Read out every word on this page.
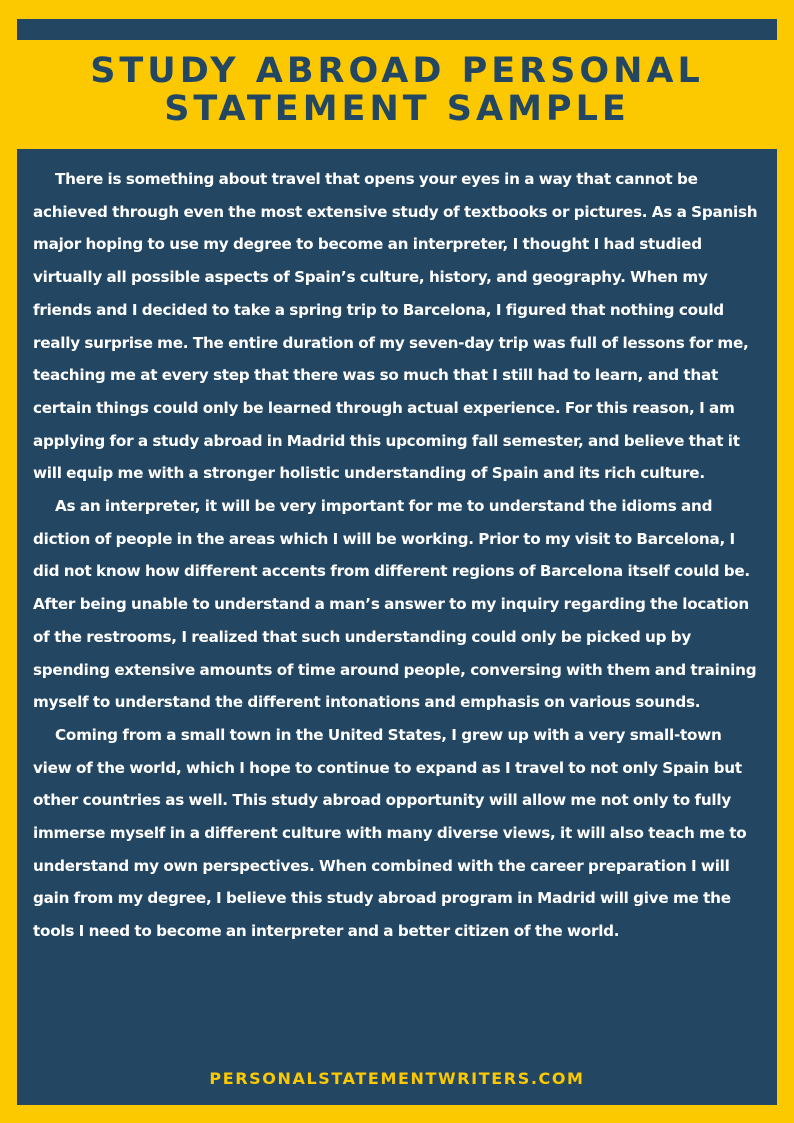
STUDY ABROAD PERSONAL STATEMENT SAMPLE

There is something about travel that opens your eyes in a way that cannot be achieved through even the most extensive study of textbooks or pictures. As a Spanish major hoping to use my degree to become an interpreter, I thought I had studied virtually all possible aspects of Spain’s culture, history, and geography. When my friends and I decided to take a spring trip to Barcelona, I figured that nothing could really surprise me. The entire duration of my seven-day trip was full of lessons for me, teaching me at every step that there was so much that I still had to learn, and that certain things could only be learned through actual experience. For this reason, I am applying for a study abroad in Madrid this upcoming fall semester, and believe that it will equip me with a stronger holistic understanding of Spain and its rich culture.

As an interpreter, it will be very important for me to understand the idioms and diction of people in the areas which I will be working. Prior to my visit to Barcelona, I did not know how different accents from different regions of Barcelona itself could be. After being unable to understand a man’s answer to my inquiry regarding the location of the restrooms, I realized that such understanding could only be picked up by spending extensive amounts of time around people, conversing with them and training myself to understand the different intonations and emphasis on various sounds.

Coming from a small town in the United States, I grew up with a very small-town view of the world, which I hope to continue to expand as I travel to not only Spain but other countries as well. This study abroad opportunity will allow me not only to fully immerse myself in a different culture with many diverse views, it will also teach me to understand my own perspectives. When combined with the career preparation I will gain from my degree, I believe this study abroad program in Madrid will give me the tools I need to become an interpreter and a better citizen of the world.

PERSONALSTATEMENTWRITERS.COM
